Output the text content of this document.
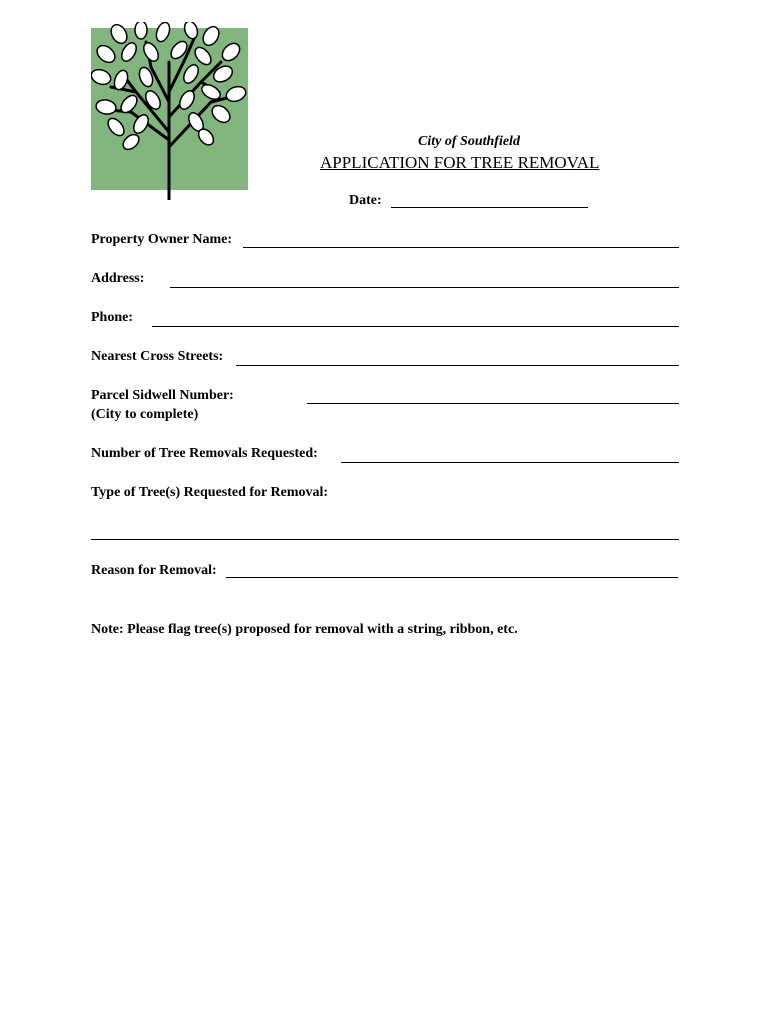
City of Southfield
APPLICATION FOR TREE REMOVAL
Date:
Property Owner Name:
Address:
Phone:
Nearest Cross Streets:
Parcel Sidwell Number:
(City to complete)
Number of Tree Removals Requested:
Type of Tree(s) Requested for Removal:
Reason for Removal:
Note: Please flag tree(s) proposed for removal with a string, ribbon, etc.
